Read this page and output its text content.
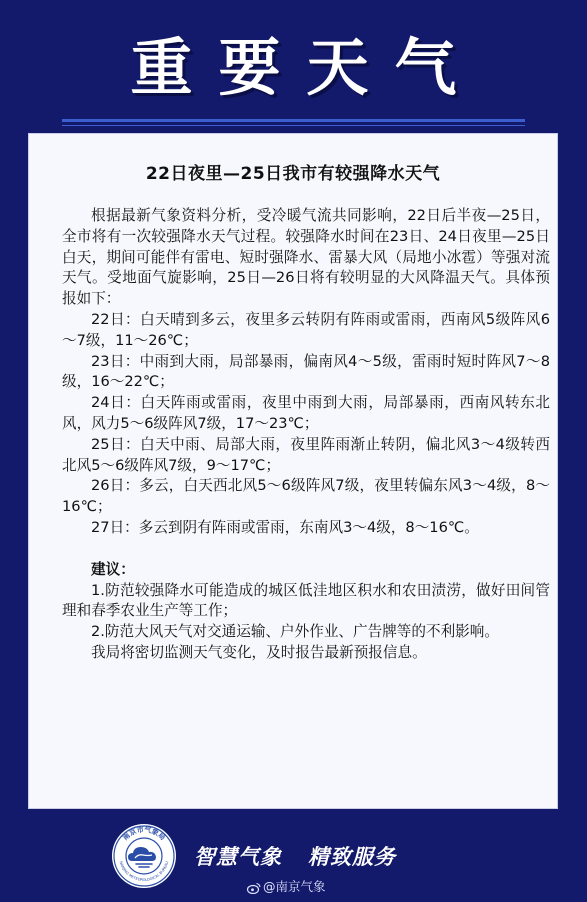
重要天气
22日夜里—25日我市有较强降水天气

根据最新气象资料分析，受冷暖气流共同影响，22日后半夜—25日，全市将有一次较强降水天气过程。较强降水时间在23日、24日夜里—25日白天，期间可能伴有雷电、短时强降水、雷暴大风（局地小冰雹）等强对流天气。受地面气旋影响，25日—26日将有较明显的大风降温天气。具体预报如下：

22日：白天晴到多云，夜里多云转阴有阵雨或雷雨，西南风5级阵风6～7级，11～26℃；

23日：中雨到大雨，局部暴雨，偏南风4～5级，雷雨时短时阵风7～8级，16～22℃；

24日：白天阵雨或雷雨，夜里中雨到大雨，局部暴雨，西南风转东北风，风力5～6级阵风7级，17～23℃；

25日：白天中雨、局部大雨，夜里阵雨渐止转阴，偏北风3～4级转西北风5～6级阵风7级，9～17℃；

26日：多云，白天西北风5～6级阵风7级，夜里转偏东风3～4级，8～16℃；

27日：多云到阴有阵雨或雷雨，东南风3～4级，8～16℃。

建议：

1.防范较强降水可能造成的城区低洼地区积水和农田渍涝，做好田间管理和春季农业生产等工作；

2.防范大风天气对交通运输、户外作业、广告牌等的不利影响。

我局将密切监测天气变化，及时报告最新预报信息。

南京市气象局
NANJING METEOROLOGICAL BUREAU 智慧气象 精致服务
@南京气象
